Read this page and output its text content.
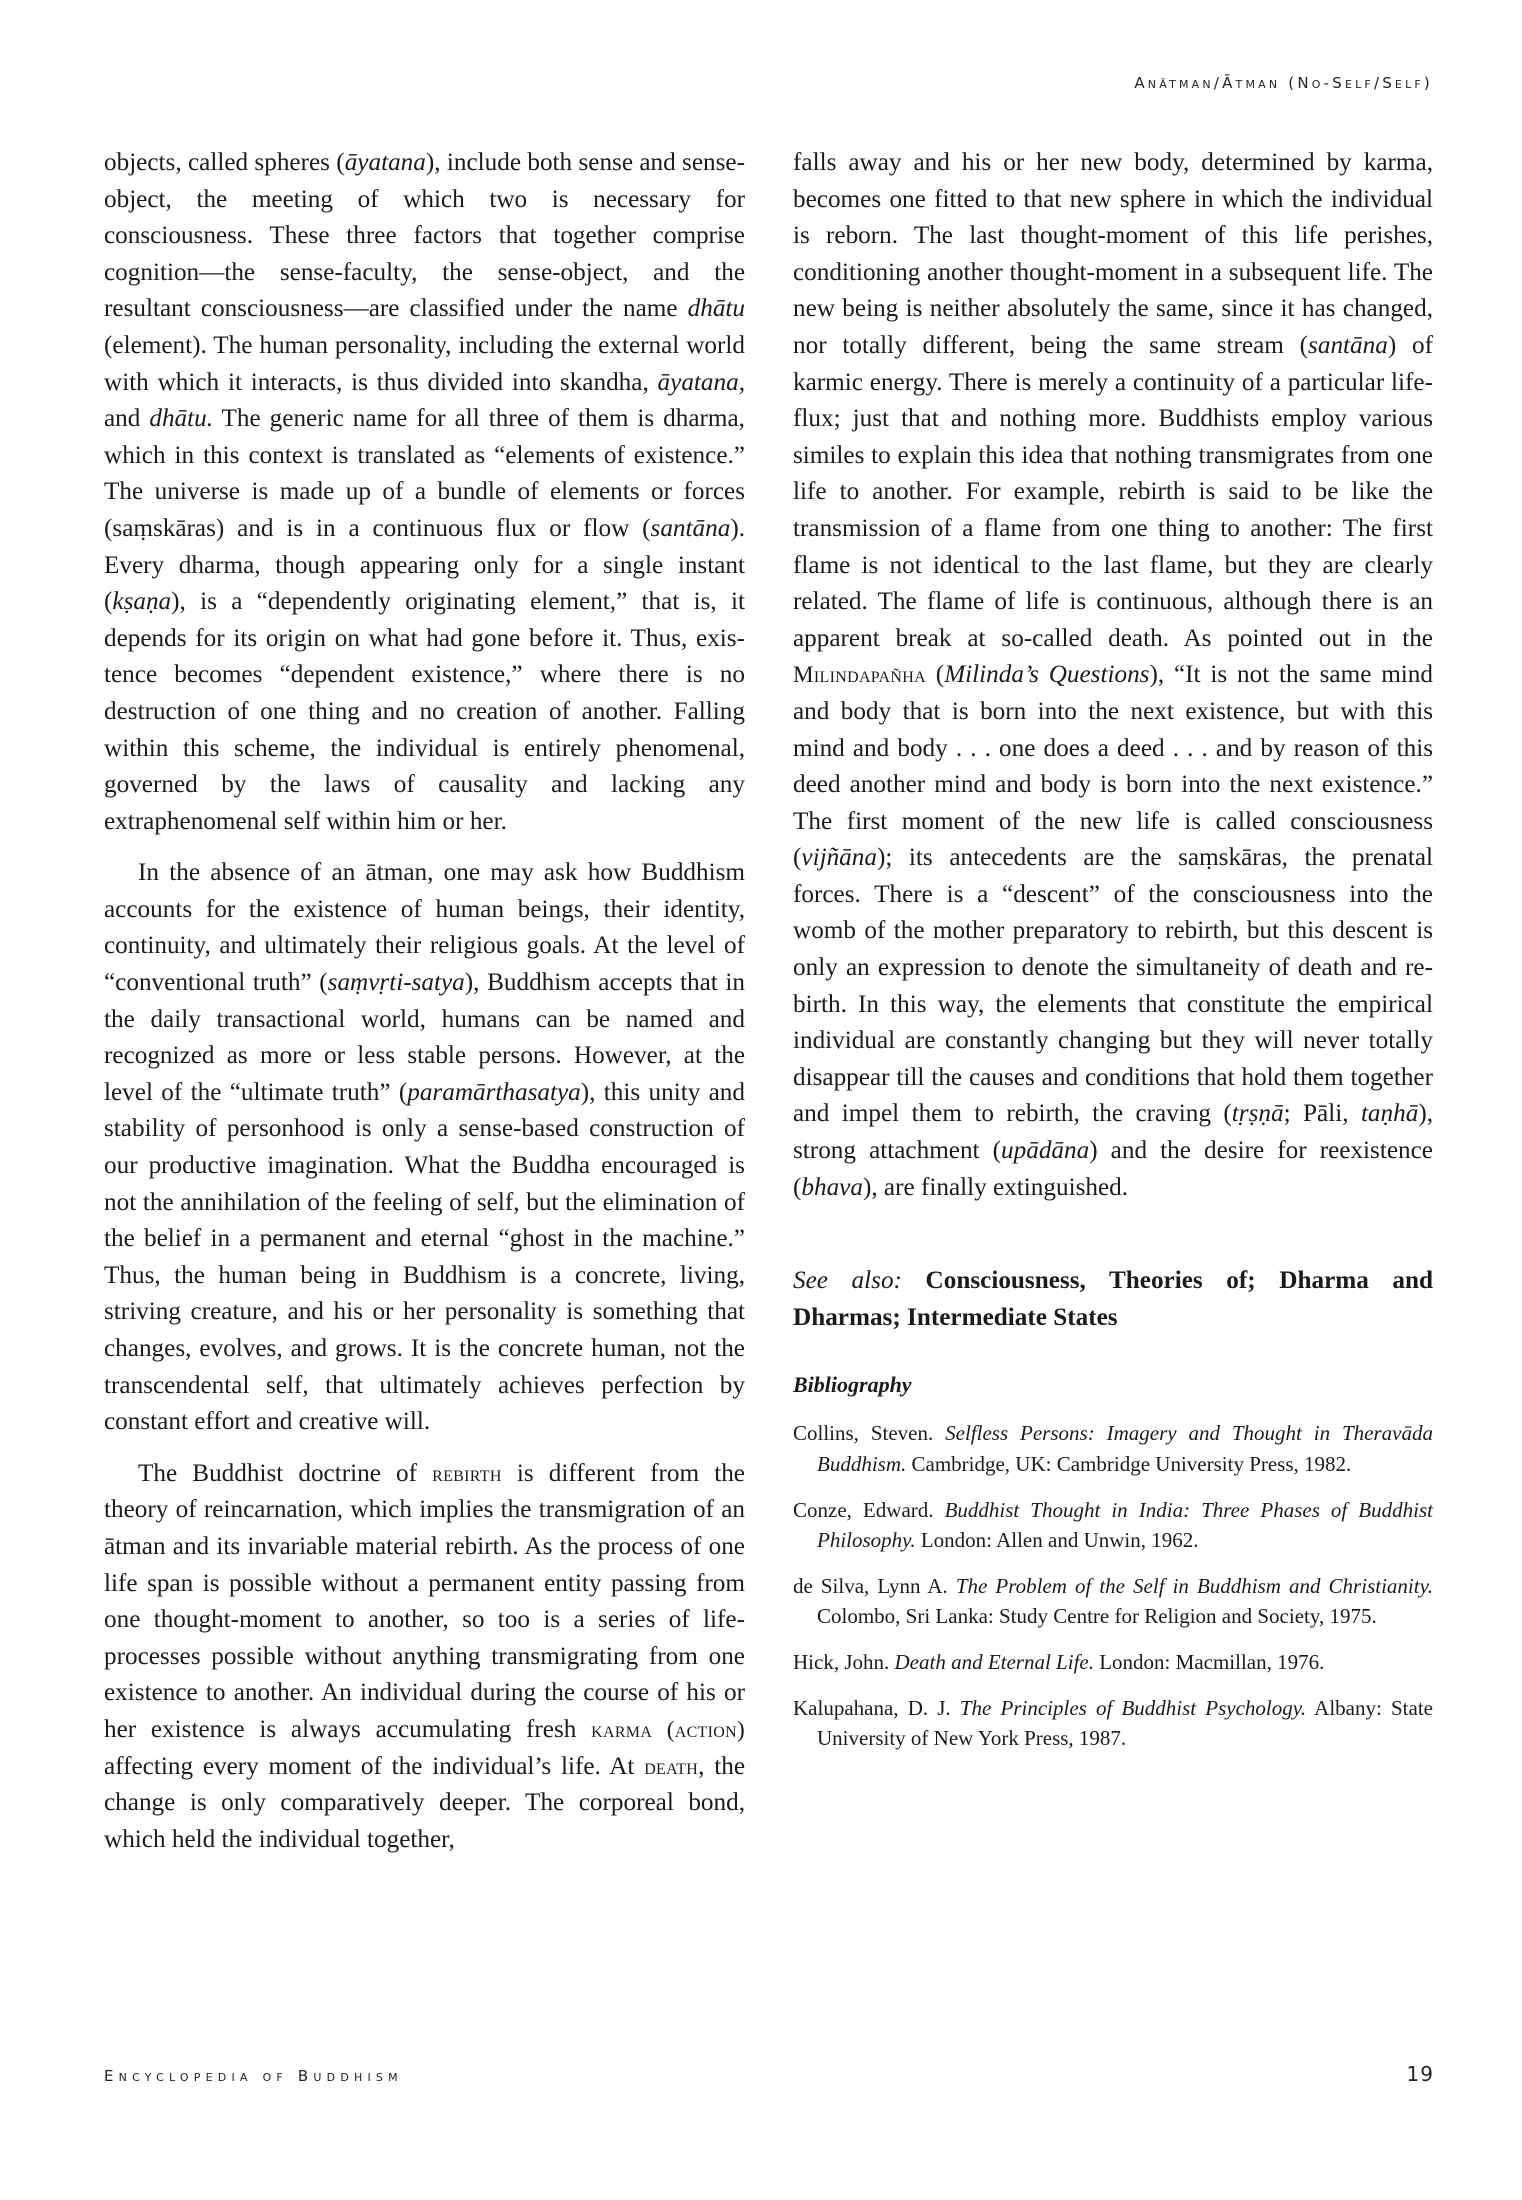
Anātman/Ātman (No-Self/Self)

objects, called spheres (āyatana), include both sense and sense-object, the meeting of which two is necessary for consciousness. These three factors that together comprise cognition—the sense-faculty, the sense-object, and the resultant consciousness—are classified under the name dhātu (element). The human personality, including the external world with which it interacts, is thus divided into skandha, āyatana, and dhātu. The generic name for all three of them is dharma, which in this context is translated as “elements of existence.” The universe is made up of a bundle of elements or forces (saṃskāras) and is in a continuous flux or flow (santāna). Every dharma, though appearing only for a single instant (kṣaṇa), is a “dependently originating element,” that is, it depends for its origin on what had gone before it. Thus, existence becomes “dependent existence,” where there is no destruction of one thing and no creation of another. Falling within this scheme, the individual is entirely phenomenal, governed by the laws of causality and lacking any extraphenomenal self within him or her.

In the absence of an ātman, one may ask how Buddhism accounts for the existence of human beings, their identity, continuity, and ultimately their religious goals. At the level of “conventional truth” (saṃvṛti-satya), Buddhism accepts that in the daily transactional world, humans can be named and recognized as more or less stable persons. However, at the level of the “ultimate truth” (paramārthasatya), this unity and stability of personhood is only a sense-based construction of our productive imagination. What the Buddha encouraged is not the annihilation of the feeling of self, but the elimination of the belief in a permanent and eternal “ghost in the machine.” Thus, the human being in Buddhism is a concrete, living, striving creature, and his or her personality is something that changes, evolves, and grows. It is the concrete human, not the transcendental self, that ultimately achieves perfection by constant effort and creative will.

The Buddhist doctrine of rebirth is different from the theory of reincarnation, which implies the transmigration of an ātman and its invariable material rebirth. As the process of one life span is possible without a permanent entity passing from one thought-moment to another, so too is a series of life-processes possible without anything transmigrating from one existence to another. An individual during the course of his or her existence is always accumulating fresh karma (action) affecting every moment of the individual’s life. At death, the change is only comparatively deeper. The corporeal bond, which held the individual together,

falls away and his or her new body, determined by karma, becomes one fitted to that new sphere in which the individual is reborn. The last thought-moment of this life perishes, conditioning another thought-moment in a subsequent life. The new being is neither absolutely the same, since it has changed, nor totally different, being the same stream (santāna) of karmic energy. There is merely a continuity of a particular life-flux; just that and nothing more. Buddhists employ various similes to explain this idea that nothing transmigrates from one life to another. For example, rebirth is said to be like the transmission of a flame from one thing to another: The first flame is not identical to the last flame, but they are clearly related. The flame of life is continuous, although there is an apparent break at so-called death. As pointed out in the Milindapañha (Milinda’s Questions), “It is not the same mind and body that is born into the next existence, but with this mind and body . . . one does a deed . . . and by reason of this deed another mind and body is born into the next existence.” The first moment of the new life is called consciousness (vijñāna); its antecedents are the saṃskāras, the prenatal forces. There is a “descent” of the consciousness into the womb of the mother preparatory to rebirth, but this descent is only an expression to denote the simultaneity of death and rebirth. In this way, the elements that constitute the empirical individual are constantly changing but they will never totally disappear till the causes and conditions that hold them together and impel them to rebirth, the craving (tṛṣṇā; Pāli, taṇhā), strong attachment (upādāna) and the desire for reexistence (bhava), are finally extinguished.

See also: Consciousness, Theories of; Dharma and Dharmas; Intermediate States

Bibliography

Collins, Steven. Selfless Persons: Imagery and Thought in Theravāda Buddhism. Cambridge, UK: Cambridge University Press, 1982.

Conze, Edward. Buddhist Thought in India: Three Phases of Buddhist Philosophy. London: Allen and Unwin, 1962.

de Silva, Lynn A. The Problem of the Self in Buddhism and Christianity. Colombo, Sri Lanka: Study Centre for Religion and Society, 1975.

Hick, John. Death and Eternal Life. London: Macmillan, 1976.

Kalupahana, D. J. The Principles of Buddhist Psychology. Albany: State University of New York Press, 1987.

Encyclopedia of Buddhism	19
